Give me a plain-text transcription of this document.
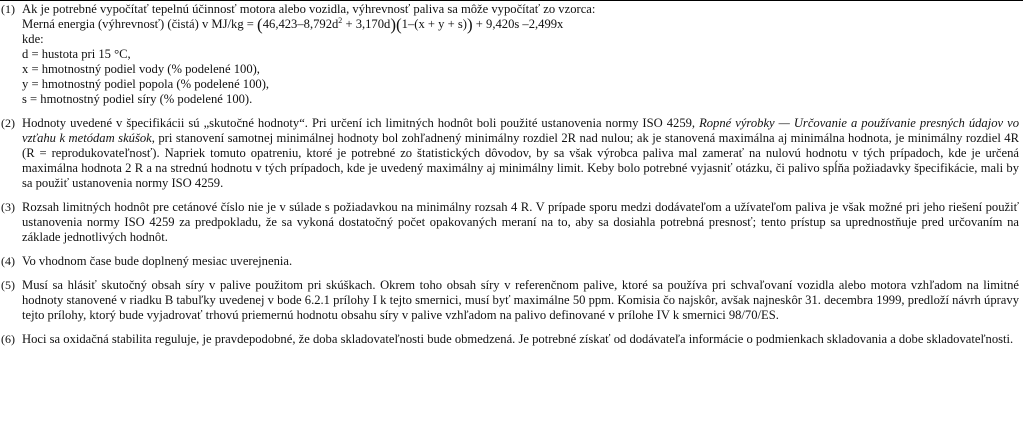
(1) Ak je potrebné vypočítať tepelnú účinnosť motora alebo vozidla, výhrevnosť paliva sa môže vypočítať zo vzorca:
Merná energia (výhrevnosť) (čistá) v $MJ/kg = (46,423-8,792d^2 + 3,170d)(1-(x + y + s)) + 9,420s$ –2,499x
kde:
d = hustota pri 15 °C,
x = hmotnostný podiel vody (% podelené 100),
y = hmotnostný podiel popola (% podelené 100),
s = hmotnostný podiel síry (% podelené 100).
(2) Hodnoty uvedené v špecifikácii sú „skutočné hodnoty“. Pri určení ich limitných hodnôt boli použité ustanovenia normy ISO 4259, Ropné výrobky — Určovanie a používanie presných údajov vo vzťahu k metódam skúšok, pri stanovení samotnej minimálnej hodnoty bol zohľadnený minimálny rozdiel 2R nad nulou; ak je stanovená maximálna aj minimálna hodnota, je minimálny rozdiel 4R (R = reprodukovateľnosť). Napriek tomuto opatreniu, ktoré je potrebné zo štatistických dôvodov, by sa však výrobca paliva mal zamerať na nulovú hodnotu v tých prípadoch, kde je určená maximálna hodnota 2 R a na strednú hodnotu v tých prípadoch, kde je uvedený maximálny aj minimálny limit. Keby bolo potrebné vyjasniť otázku, či palivo spĺňa požiadavky špecifikácie, mali by sa použiť ustanovenia normy ISO 4259.
(3) Rozsah limitných hodnôt pre cetánové číslo nie je v súlade s požiadavkou na minimálny rozsah 4 R. V prípade sporu medzi dodávateľom a užívateľom paliva je však možné pri jeho riešení použiť ustanovenia normy ISO 4259 za predpokladu, že sa vykoná dostatočný počet opakovaných meraní na to, aby sa dosiahla potrebná presnosť; tento prístup sa uprednostňuje pred určovaním na základe jednotlivých hodnôt.
(4) Vo vhodnom čase bude doplnený mesiac uverejnenia.
(5) Musí sa hlásiť skutočný obsah síry v palive použitom pri skúškach. Okrem toho obsah síry v referenčnom palive, ktoré sa používa pri schvaľovaní vozidla alebo motora vzhľadom na limitné hodnoty stanovené v riadku B tabuľky uvedenej v bode 6.2.1 prílohy I k tejto smernici, musí byť maximálne 50 ppm. Komisia čo najskôr, avšak najneskôr 31. decembra 1999, predloží návrh úpravy tejto prílohy, ktorý bude vyjadrovať trhovú priemernú hodnotu obsahu síry v palive vzhľadom na palivo definované v prílohe IV k smernici 98/70/ES.
(6) Hoci sa oxidačná stabilita reguluje, je pravdepodobné, že doba skladovateľnosti bude obmedzená. Je potrebné získať od dodávateľa informácie o podmienkach skladovania a dobe skladovateľnosti.
